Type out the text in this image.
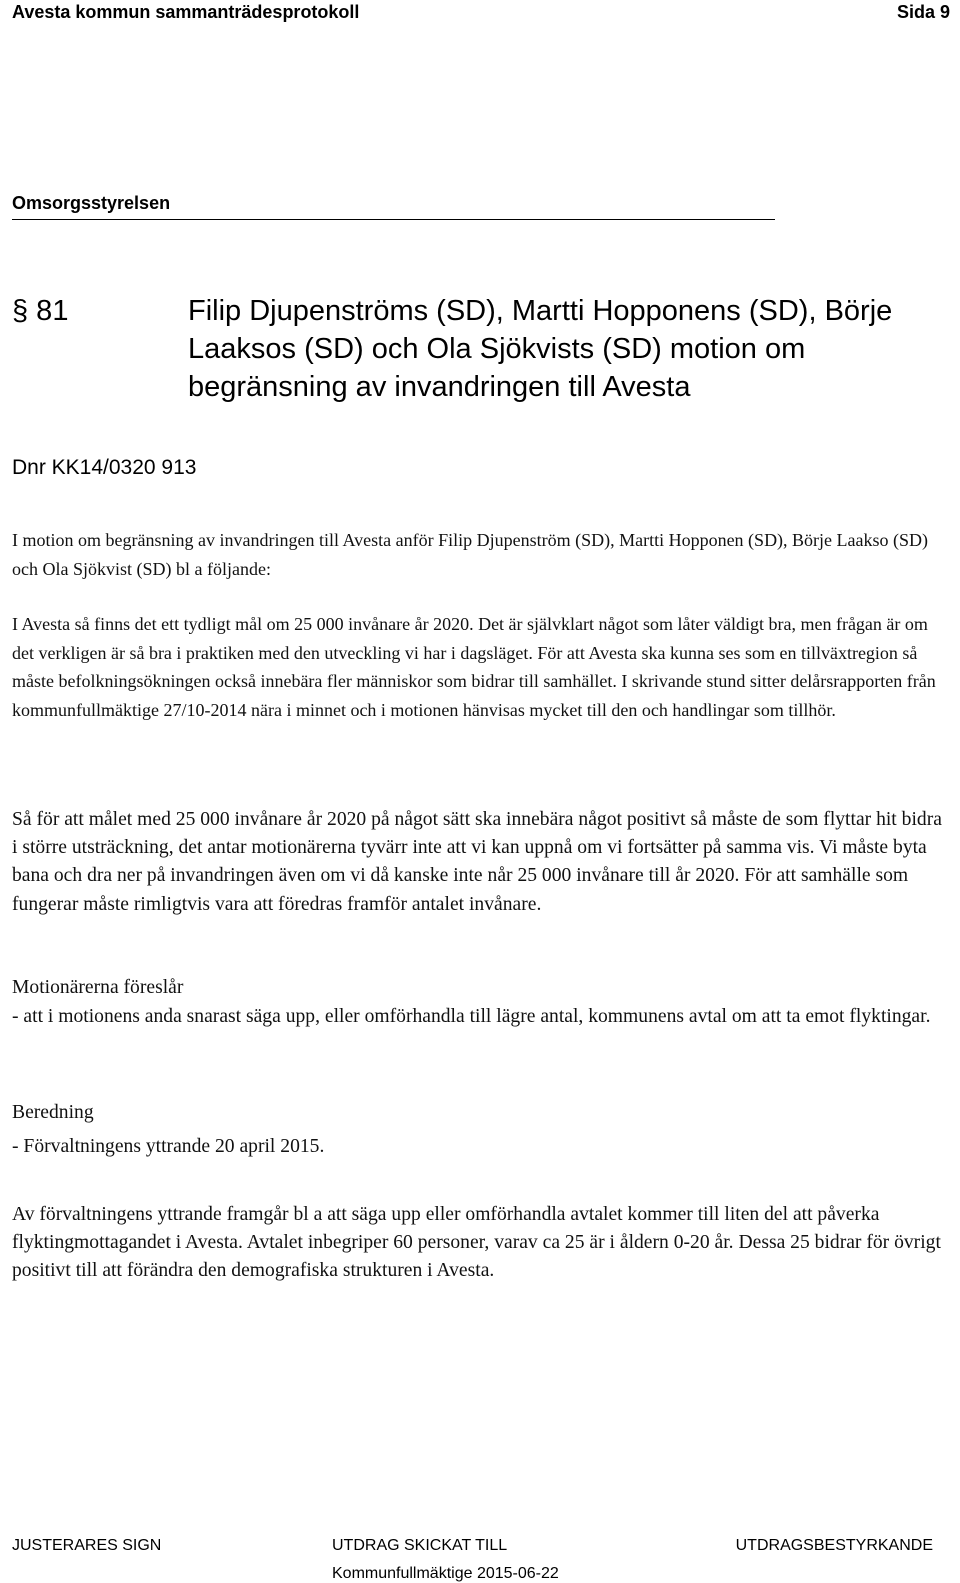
Avesta kommun sammanträdesprotokoll	Sida 9
Omsorgsstyrelsen
§ 81	Filip Djupenströms (SD), Martti Hopponens (SD), Börje Laaksos (SD) och Ola Sjökvists (SD) motion om begränsning av invandringen till Avesta
Dnr KK14/0320 913
I motion om begränsning av invandringen till Avesta anför Filip Djupenström (SD), Martti Hopponen (SD), Börje Laakso (SD) och Ola Sjökvist (SD) bl a följande:
I Avesta så finns det ett tydligt mål om 25 000 invånare år 2020. Det är självklart något som låter väldigt bra, men frågan är om det verkligen är så bra i praktiken med den utveckling vi har i dagsläget. För att Avesta ska kunna ses som en tillväxtregion så måste befolkningsökningen också innebära fler människor som bidrar till samhället. I skrivande stund sitter delårsrapporten från kommunfullmäktige 27/10-2014 nära i minnet och i motionen hänvisas mycket till den och handlingar som tillhör.
Så för att målet med 25 000 invånare år 2020 på något sätt ska innebära något positivt så måste de som flyttar hit bidra i större utsträckning, det antar motionärerna tyvärr inte att vi kan uppnå om vi fortsätter på samma vis. Vi måste byta bana och dra ner på invandringen även om vi då kanske inte når 25 000 invånare till år 2020. För att samhälle som fungerar måste rimligtvis vara att föredras framför antalet invånare.
Motionärerna föreslår
- att i motionens anda snarast säga upp, eller omförhandla till lägre antal, kommunens avtal om att ta emot flyktingar.
Beredning
- Förvaltningens yttrande 20 april 2015.
Av förvaltningens yttrande framgår bl a att säga upp eller omförhandla avtalet kommer till liten del att påverka flyktingmottagandet i Avesta. Avtalet inbegriper 60 personer, varav ca 25 är i åldern 0-20 år. Dessa 25 bidrar för övrigt positivt till att förändra den demografiska strukturen i Avesta.
JUSTERARES SIGN	UTDRAG SKICKAT TILL	UTDRAGSBESTYRKANDE
Kommunfullmäktige 2015-06-22
